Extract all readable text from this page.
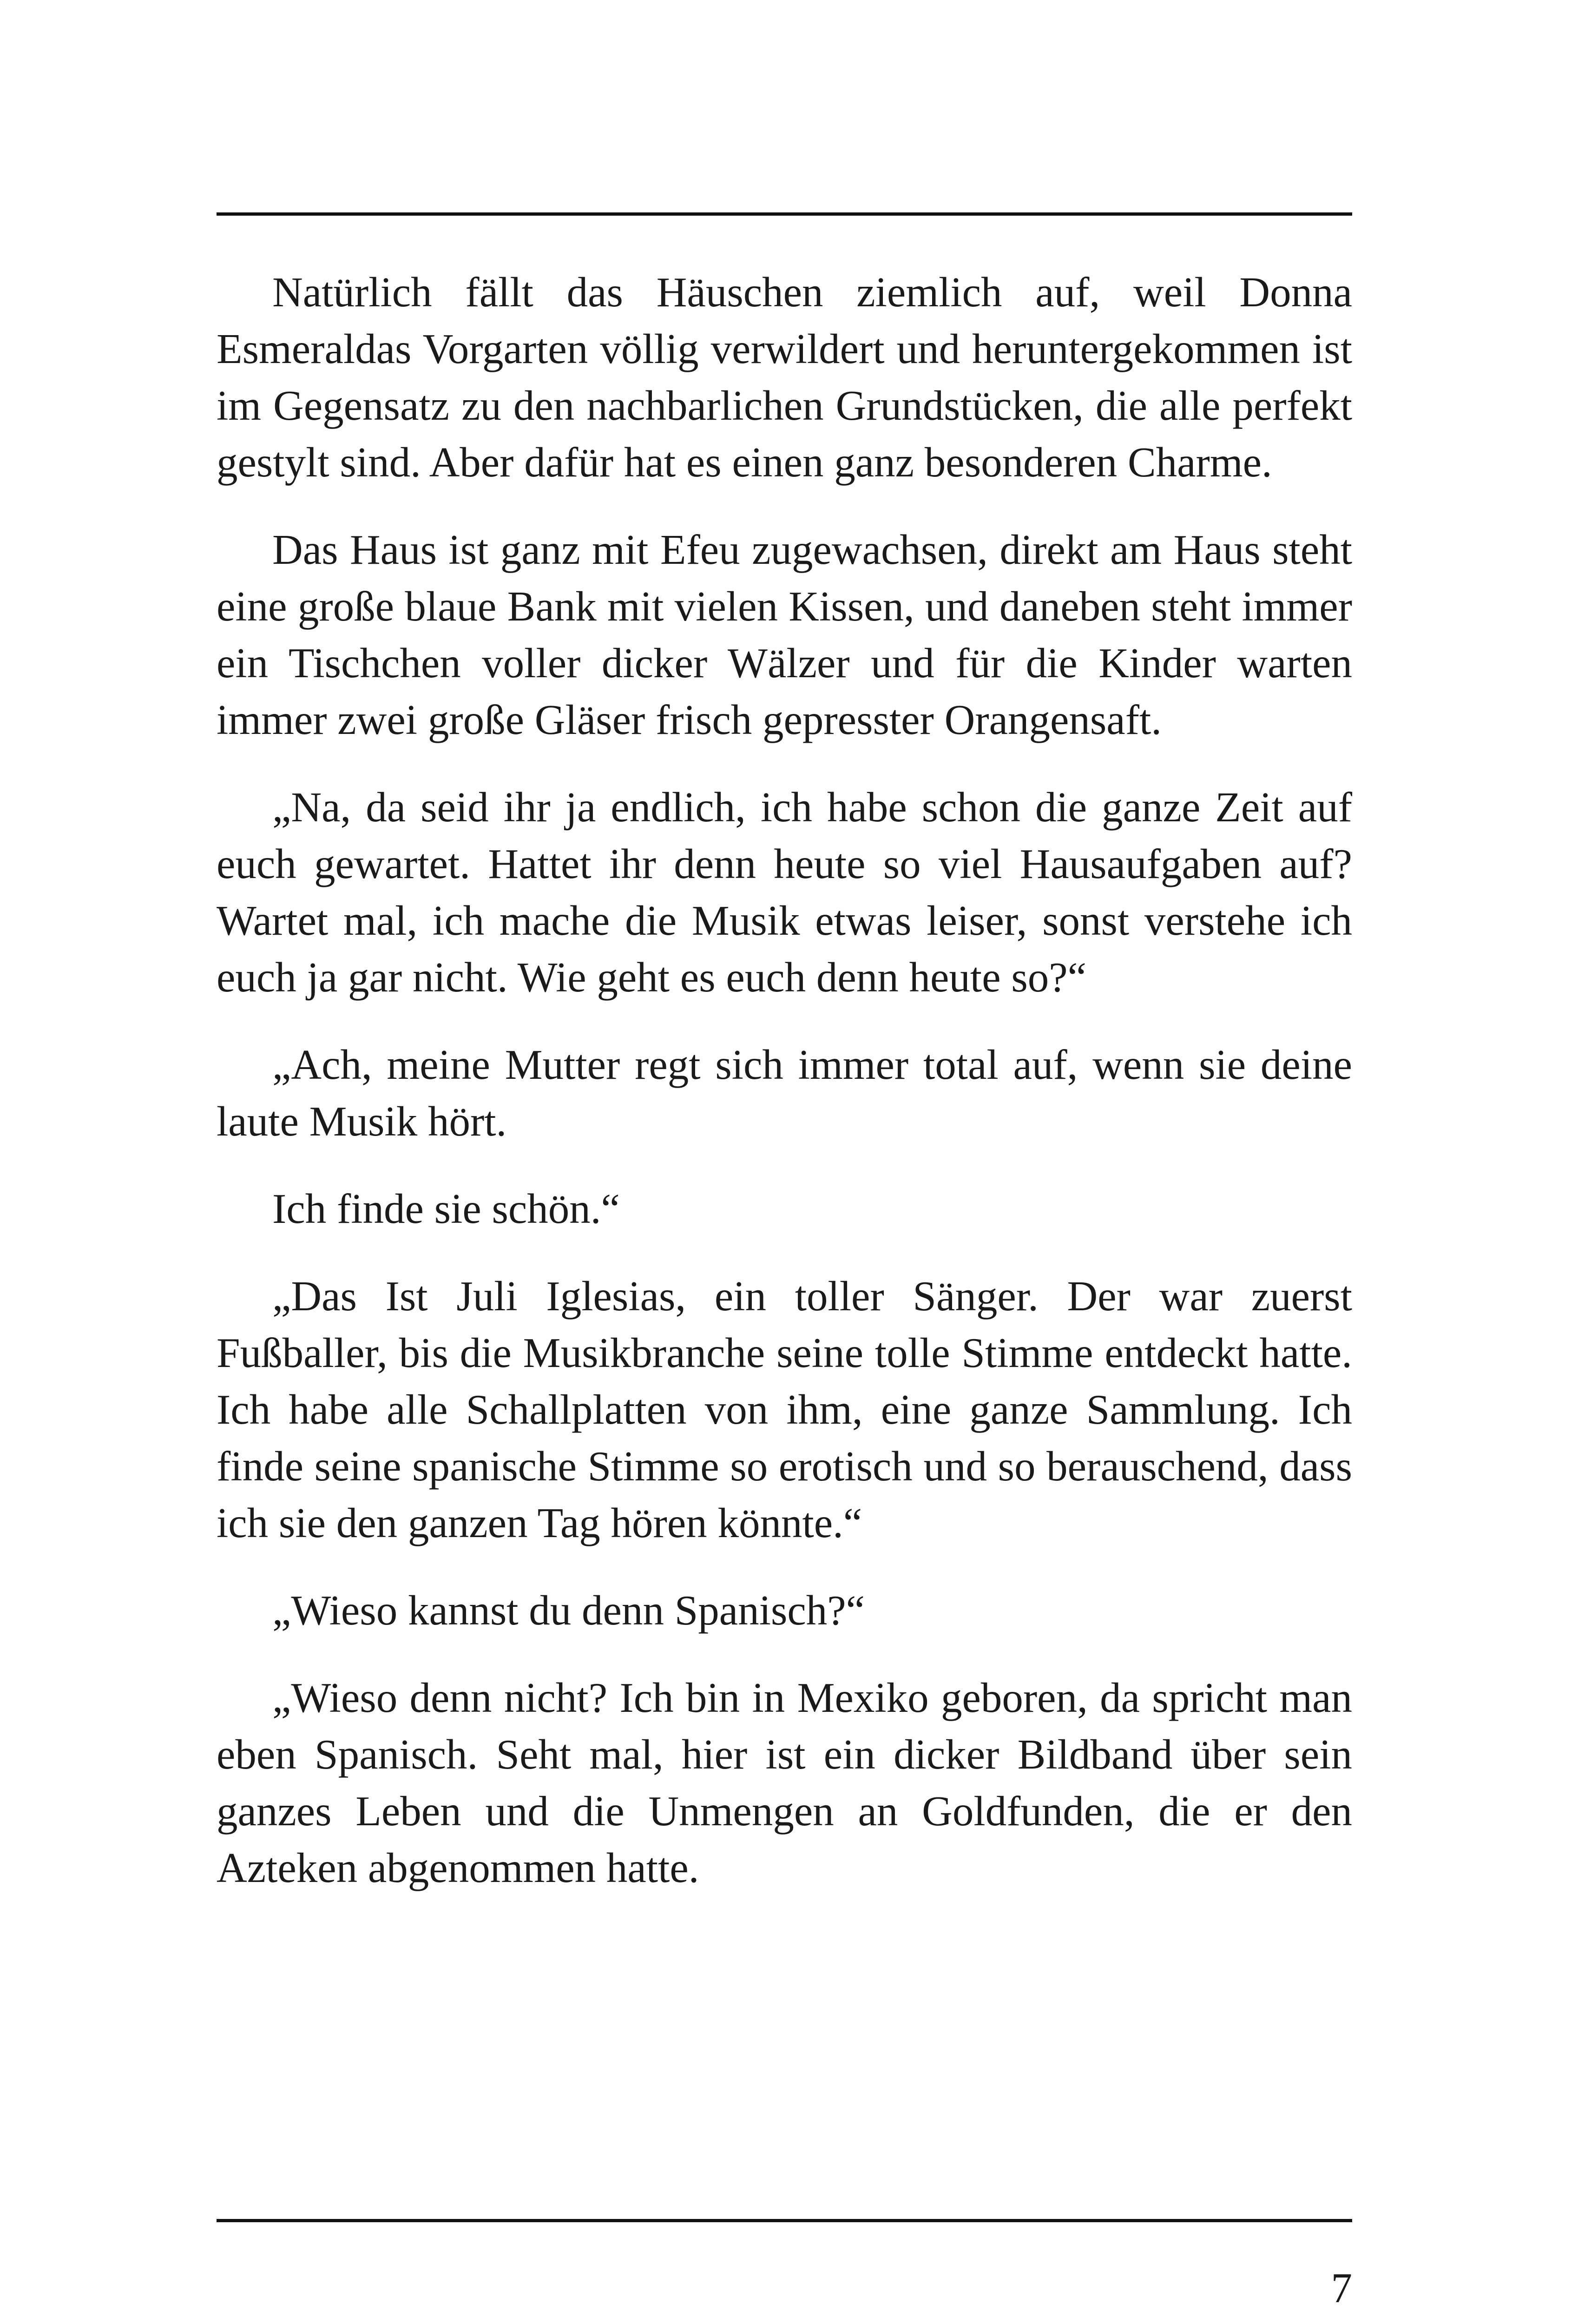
Natürlich fällt das Häuschen ziemlich auf, weil Donna Esmeraldas Vorgarten völlig verwildert und heruntergekommen ist im Gegensatz zu den nachbarlichen Grundstücken, die alle perfekt gestylt sind. Aber dafür hat es einen ganz besonderen Charme.

Das Haus ist ganz mit Efeu zugewachsen, direkt am Haus steht eine große blaue Bank mit vielen Kissen, und daneben steht immer ein Tischchen voller dicker Wälzer und für die Kinder warten immer zwei große Gläser frisch gepresster Orangensaft.

„Na, da seid ihr ja endlich, ich habe schon die ganze Zeit auf euch gewartet. Hattet ihr denn heute so viel Hausaufgaben auf? Wartet mal, ich mache die Musik etwas leiser, sonst verstehe ich euch ja gar nicht. Wie geht es euch denn heute so?“

„Ach, meine Mutter regt sich immer total auf, wenn sie deine laute Musik hört.

Ich finde sie schön.“

„Das Ist Juli Iglesias, ein toller Sänger. Der war zuerst Fußballer, bis die Musikbranche seine tolle Stimme entdeckt hatte. Ich habe alle Schallplatten von ihm, eine ganze Sammlung. Ich finde seine spanische Stimme so erotisch und so berauschend, dass ich sie den ganzen Tag hören könnte.“

„Wieso kannst du denn Spanisch?“

„Wieso denn nicht? Ich bin in Mexiko geboren, da spricht man eben Spanisch. Seht mal, hier ist ein dicker Bildband über sein ganzes Leben und die Unmengen an Goldfunden, die er den Azteken abgenommen hatte.

7
